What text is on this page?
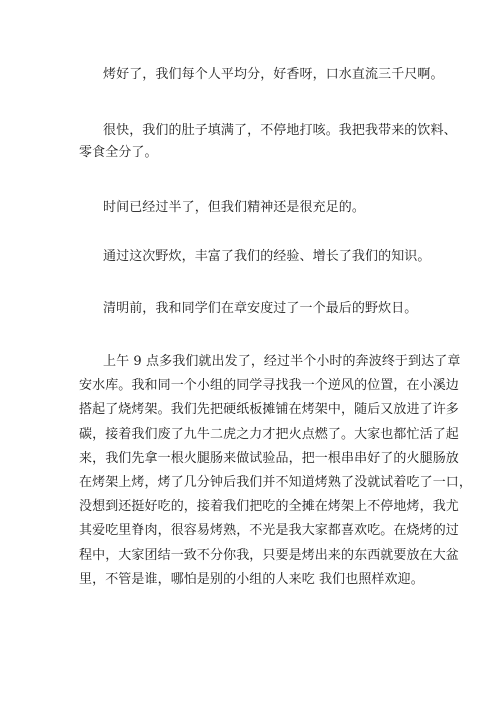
烤好了，我们每个人平均分，好香呀，口水直流三千尺啊。

很快，我们的肚子填满了，不停地打咳。我把我带来的饮料、
零食全分了。

时间已经过半了，但我们精神还是很充足的。

通过这次野炊，丰富了我们的经验、增长了我们的知识。

清明前，我和同学们在章安度过了一个最后的野炊日。

上午 9 点多我们就出发了，经过半个小时的奔波终于到达了章
安水库。我和同一个小组的同学寻找我一个逆风的位置，在小溪边
搭起了烧烤架。我们先把硬纸板摊铺在烤架中，随后又放进了许多
碳，接着我们废了九牛二虎之力才把火点燃了。大家也都忙活了起
来，我们先拿一根火腿肠来做试验品，把一根串串好了的火腿肠放
在烤架上烤，烤了几分钟后我们并不知道烤熟了没就试着吃了一口，
没想到还挺好吃的，接着我们把吃的全摊在烤架上不停地烤，我尤
其爱吃里脊肉，很容易烤熟，不光是我大家都喜欢吃。在烧烤的过
程中，大家团结一致不分你我，只要是烤出来的东西就要放在大盆
里，不管是谁，哪怕是别的小组的人来吃 我们也照样欢迎。
